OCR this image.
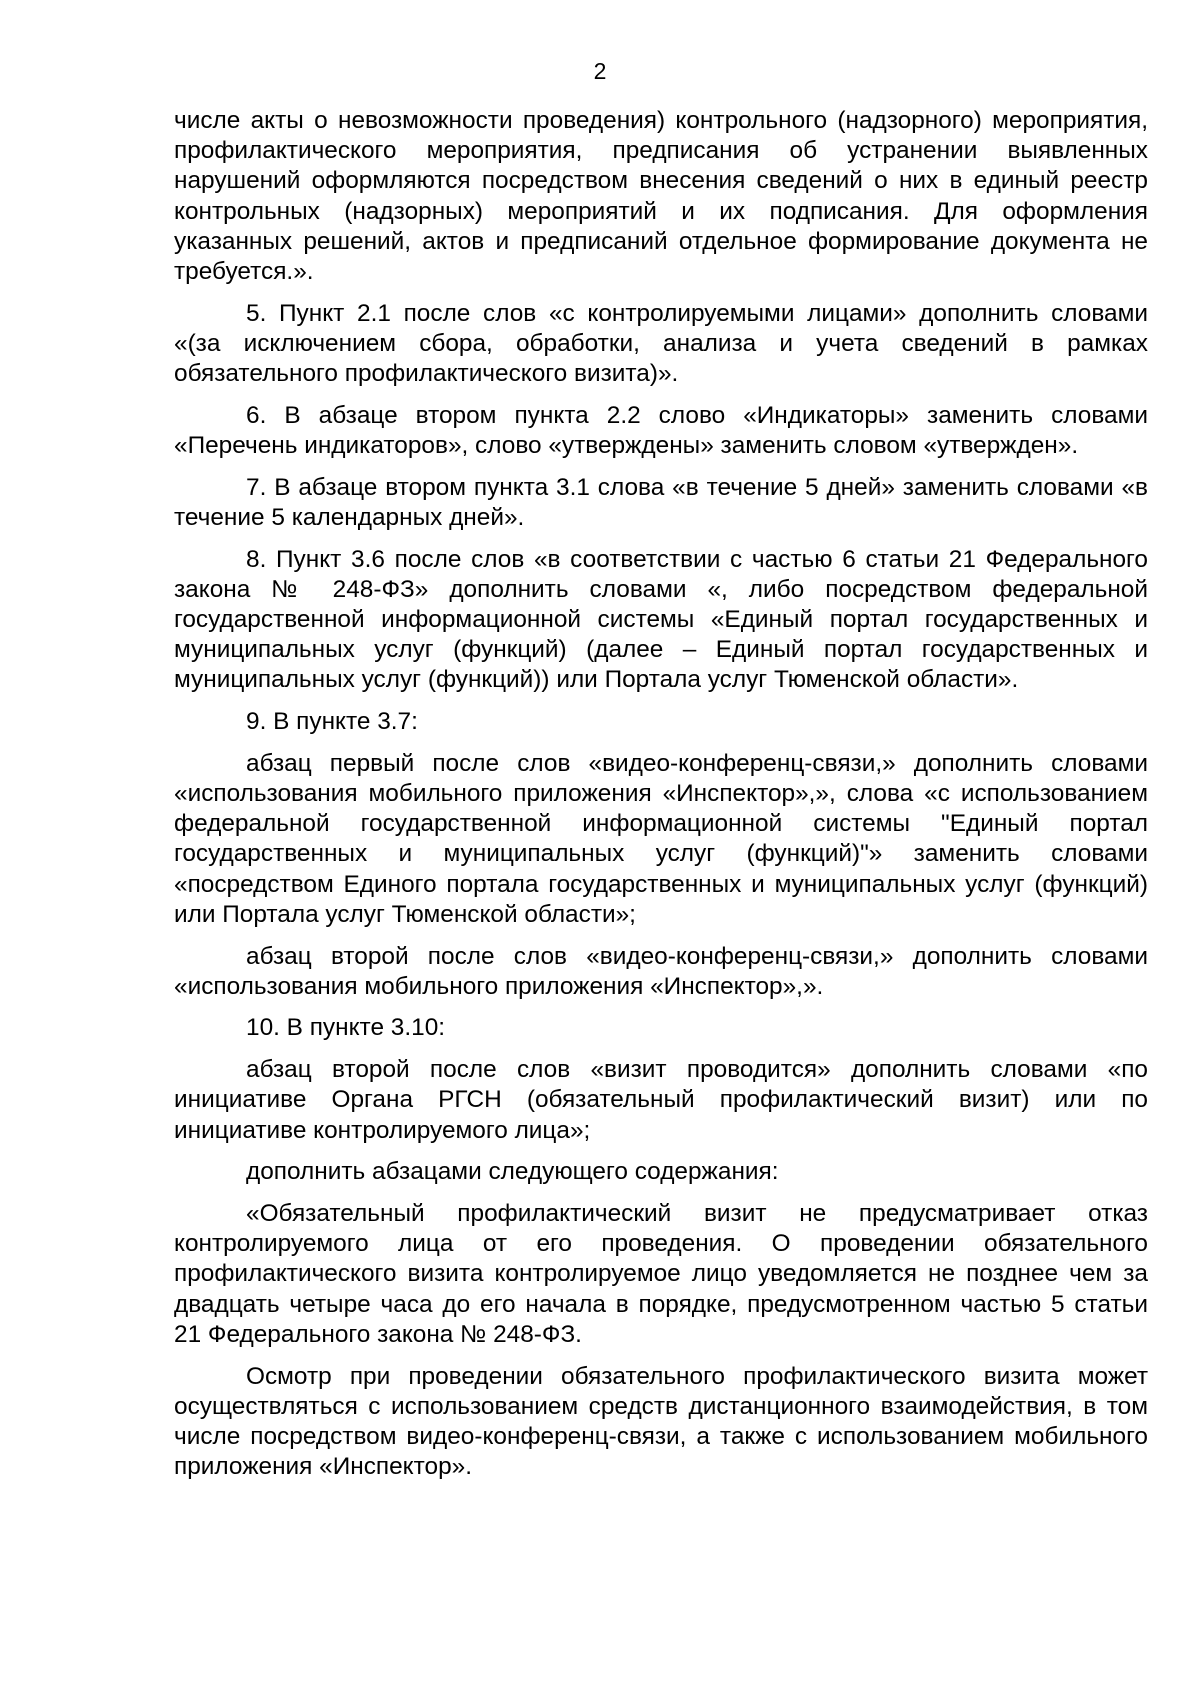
2

числе акты о невозможности проведения) контрольного (надзорного) мероприятия, профилактического мероприятия, предписания об устранении выявленных нарушений оформляются посредством внесения сведений о них в единый реестр контрольных (надзорных) мероприятий и их подписания. Для оформления указанных решений, актов и предписаний отдельное формирование документа не требуется.».

5. Пункт 2.1 после слов «с контролируемыми лицами» дополнить словами «(за исключением сбора, обработки, анализа и учета сведений в рамках обязательного профилактического визита)».

6. В абзаце втором пункта 2.2 слово «Индикаторы» заменить словами «Перечень индикаторов», слово «утверждены» заменить словом «утвержден».

7. В абзаце втором пункта 3.1 слова «в течение 5 дней» заменить словами «в течение 5 календарных дней».

8. Пункт 3.6 после слов «в соответствии с частью 6 статьи 21 Федерального закона № 248-ФЗ» дополнить словами «, либо посредством федеральной государственной информационной системы «Единый портал государственных и муниципальных услуг (функций) (далее – Единый портал государственных и муниципальных услуг (функций)) или Портала услуг Тюменской области».

9. В пункте 3.7:

абзац первый после слов «видео-конференц-связи,» дополнить словами «использования мобильного приложения «Инспектор»,», слова «с использованием федеральной государственной информационной системы "Единый портал государственных и муниципальных услуг (функций)"» заменить словами «посредством Единого портала государственных и муниципальных услуг (функций) или Портала услуг Тюменской области»;

абзац второй после слов «видео-конференц-связи,» дополнить словами «использования мобильного приложения «Инспектор»,».

10. В пункте 3.10:

абзац второй после слов «визит проводится» дополнить словами «по инициативе Органа РГСН (обязательный профилактический визит) или по инициативе контролируемого лица»;

дополнить абзацами следующего содержания:

«Обязательный профилактический визит не предусматривает отказ контролируемого лица от его проведения. О проведении обязательного профилактического визита контролируемое лицо уведомляется не позднее чем за двадцать четыре часа до его начала в порядке, предусмотренном частью 5 статьи 21 Федерального закона № 248-ФЗ.

Осмотр при проведении обязательного профилактического визита может осуществляться с использованием средств дистанционного взаимодействия, в том числе посредством видео-конференц-связи, а также с использованием мобильного приложения «Инспектор».
